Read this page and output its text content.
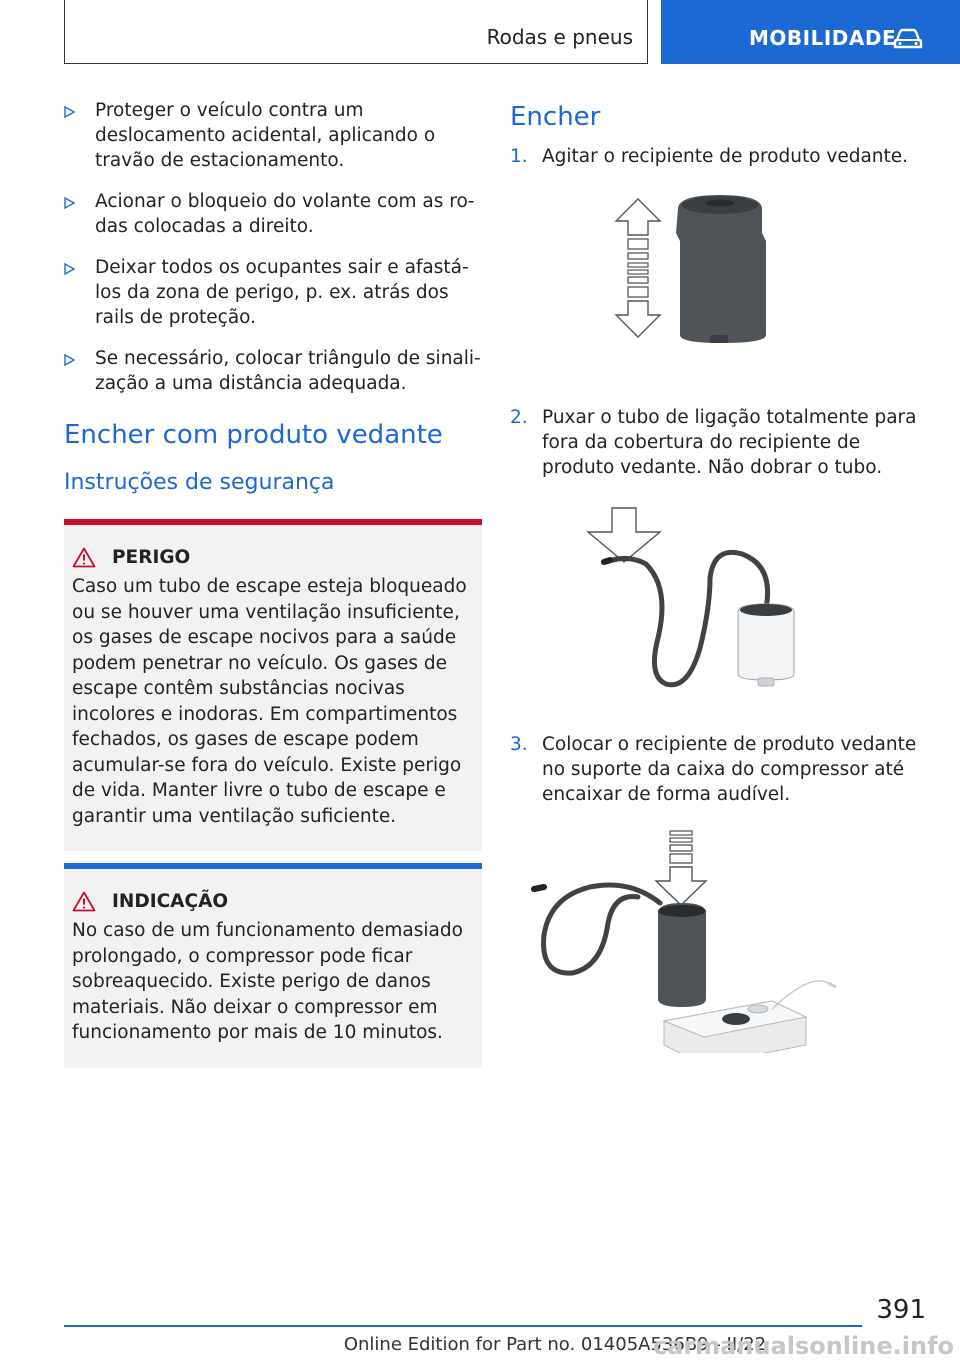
Rodas e pneus	MOBILIDADE
Proteger o veículo contra um deslocamento acidental, aplicando o travão de estacionamento.
Acionar o bloqueio do volante com as rodas colocadas a direito.
Deixar todos os ocupantes sair e afastá-los da zona de perigo, p. ex. atrás dos rails de proteção.
Se necessário, colocar triângulo de sinalização a uma distância adequada.
Encher com produto vedante
Instruções de segurança
PERIGO
Caso um tubo de escape esteja bloqueado ou se houver uma ventilação insuficiente, os gases de escape nocivos para a saúde podem penetrar no veículo. Os gases de escape contêm substâncias nocivas incolores e inodoras. Em compartimentos fechados, os gases de escape podem acumular-se fora do veículo. Existe perigo de vida. Manter livre o tubo de escape e garantir uma ventilação suficiente.
INDICAÇÃO
No caso de um funcionamento demasiado prolongado, o compressor pode ficar sobreaquecido. Existe perigo de danos materiais. Não deixar o compressor em funcionamento por mais de 10 minutos.
Encher
1. Agitar o recipiente de produto vedante.
2. Puxar o tubo de ligação totalmente para fora da cobertura do recipiente de produto vedante. Não dobrar o tubo.
3. Colocar o recipiente de produto vedante no suporte da caixa do compressor até encaixar de forma audível.
391
Online Edition for Part no. 01405A536B9 - II/22
carmanualsonline.info
